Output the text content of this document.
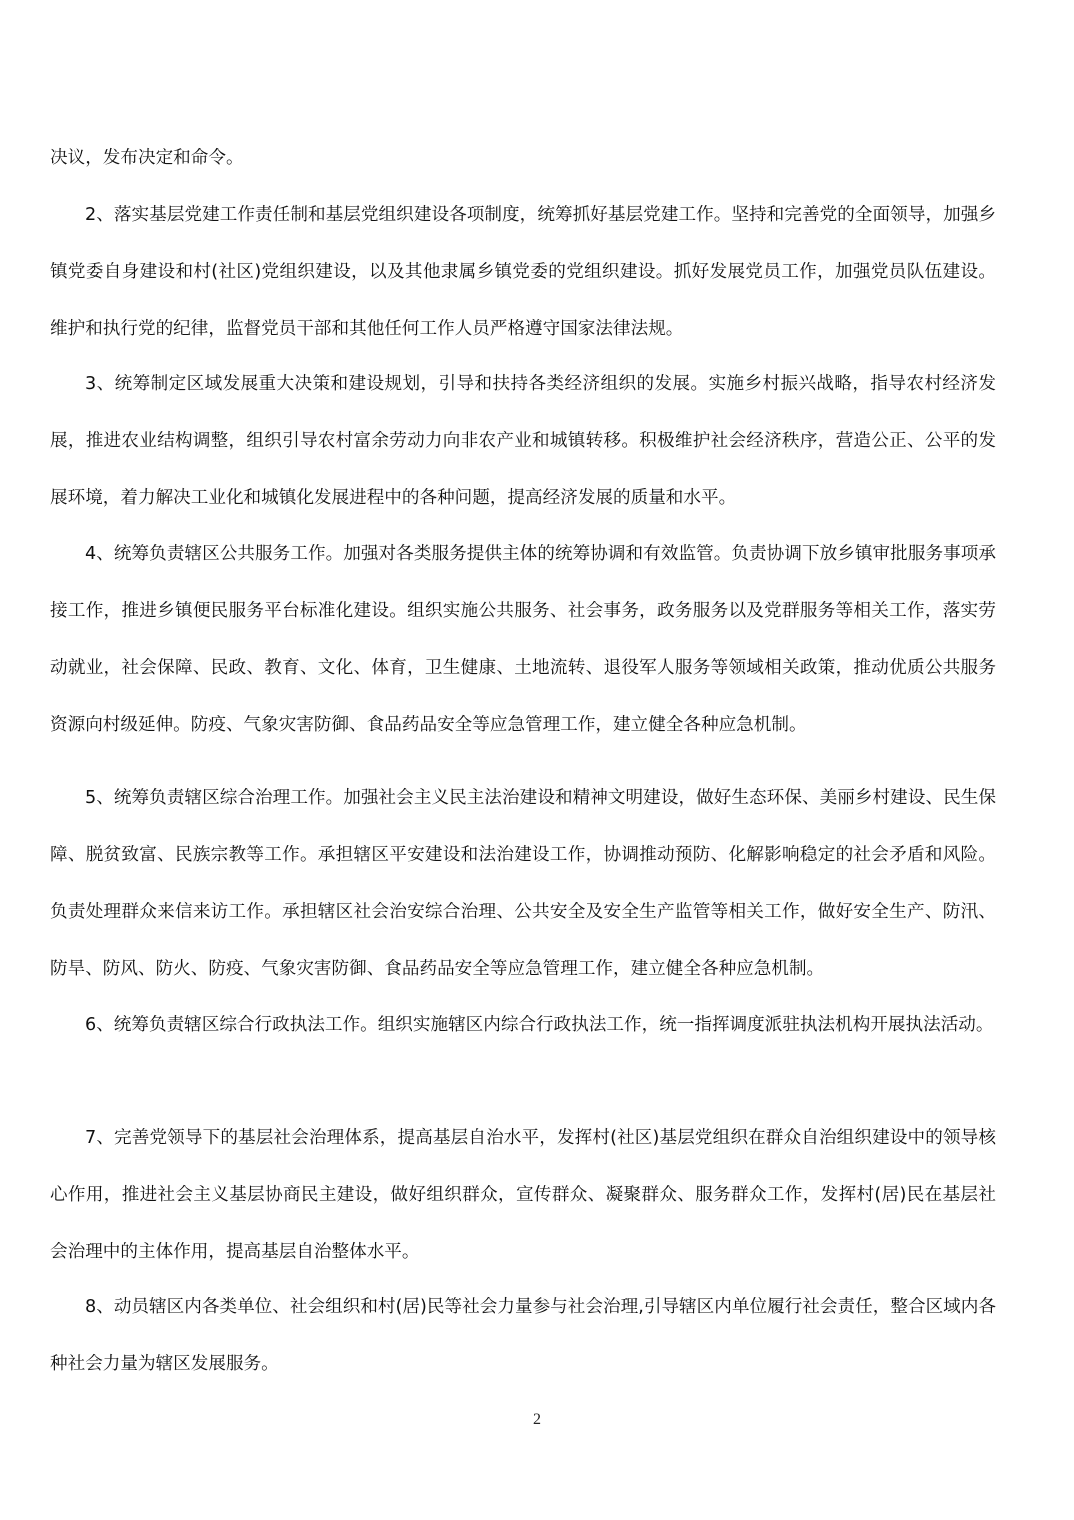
决议，发布决定和命令。

2、落实基层党建工作责任制和基层党组织建设各项制度，统筹抓好基层党建工作。坚持和完善党的全面领导，加强乡镇党委自身建设和村(社区)党组织建设，以及其他隶属乡镇党委的党组织建设。抓好发展党员工作，加强党员队伍建设。维护和执行党的纪律，监督党员干部和其他任何工作人员严格遵守国家法律法规。

3、统筹制定区域发展重大决策和建设规划，引导和扶持各类经济组织的发展。实施乡村振兴战略，指导农村经济发展，推进农业结构调整，组织引导农村富余劳动力向非农产业和城镇转移。积极维护社会经济秩序，营造公正、公平的发展环境，着力解决工业化和城镇化发展进程中的各种问题，提高经济发展的质量和水平。

4、统筹负责辖区公共服务工作。加强对各类服务提供主体的统筹协调和有效监管。负责协调下放乡镇审批服务事项承接工作，推进乡镇便民服务平台标准化建设。组织实施公共服务、社会事务，政务服务以及党群服务等相关工作，落实劳动就业，社会保障、民政、教育、文化、体育，卫生健康、土地流转、退役军人服务等领域相关政策，推动优质公共服务资源向村级延伸。防疫、气象灾害防御、食品药品安全等应急管理工作，建立健全各种应急机制。

5、统筹负责辖区综合治理工作。加强社会主义民主法治建设和精神文明建设，做好生态环保、美丽乡村建设、民生保障、脱贫致富、民族宗教等工作。承担辖区平安建设和法治建设工作，协调推动预防、化解影响稳定的社会矛盾和风险。负责处理群众来信来访工作。承担辖区社会治安综合治理、公共安全及安全生产监管等相关工作，做好安全生产、防汛、防旱、防风、防火、防疫、气象灾害防御、食品药品安全等应急管理工作，建立健全各种应急机制。

6、统筹负责辖区综合行政执法工作。组织实施辖区内综合行政执法工作，统一指挥调度派驻执法机构开展执法活动。

7、完善党领导下的基层社会治理体系，提高基层自治水平，发挥村(社区)基层党组织在群众自治组织建设中的领导核心作用，推进社会主义基层协商民主建设，做好组织群众，宣传群众、凝聚群众、服务群众工作，发挥村(居)民在基层社会治理中的主体作用，提高基层自治整体水平。

8、动员辖区内各类单位、社会组织和村(居)民等社会力量参与社会治理,引导辖区内单位履行社会责任，整合区域内各种社会力量为辖区发展服务。

2
